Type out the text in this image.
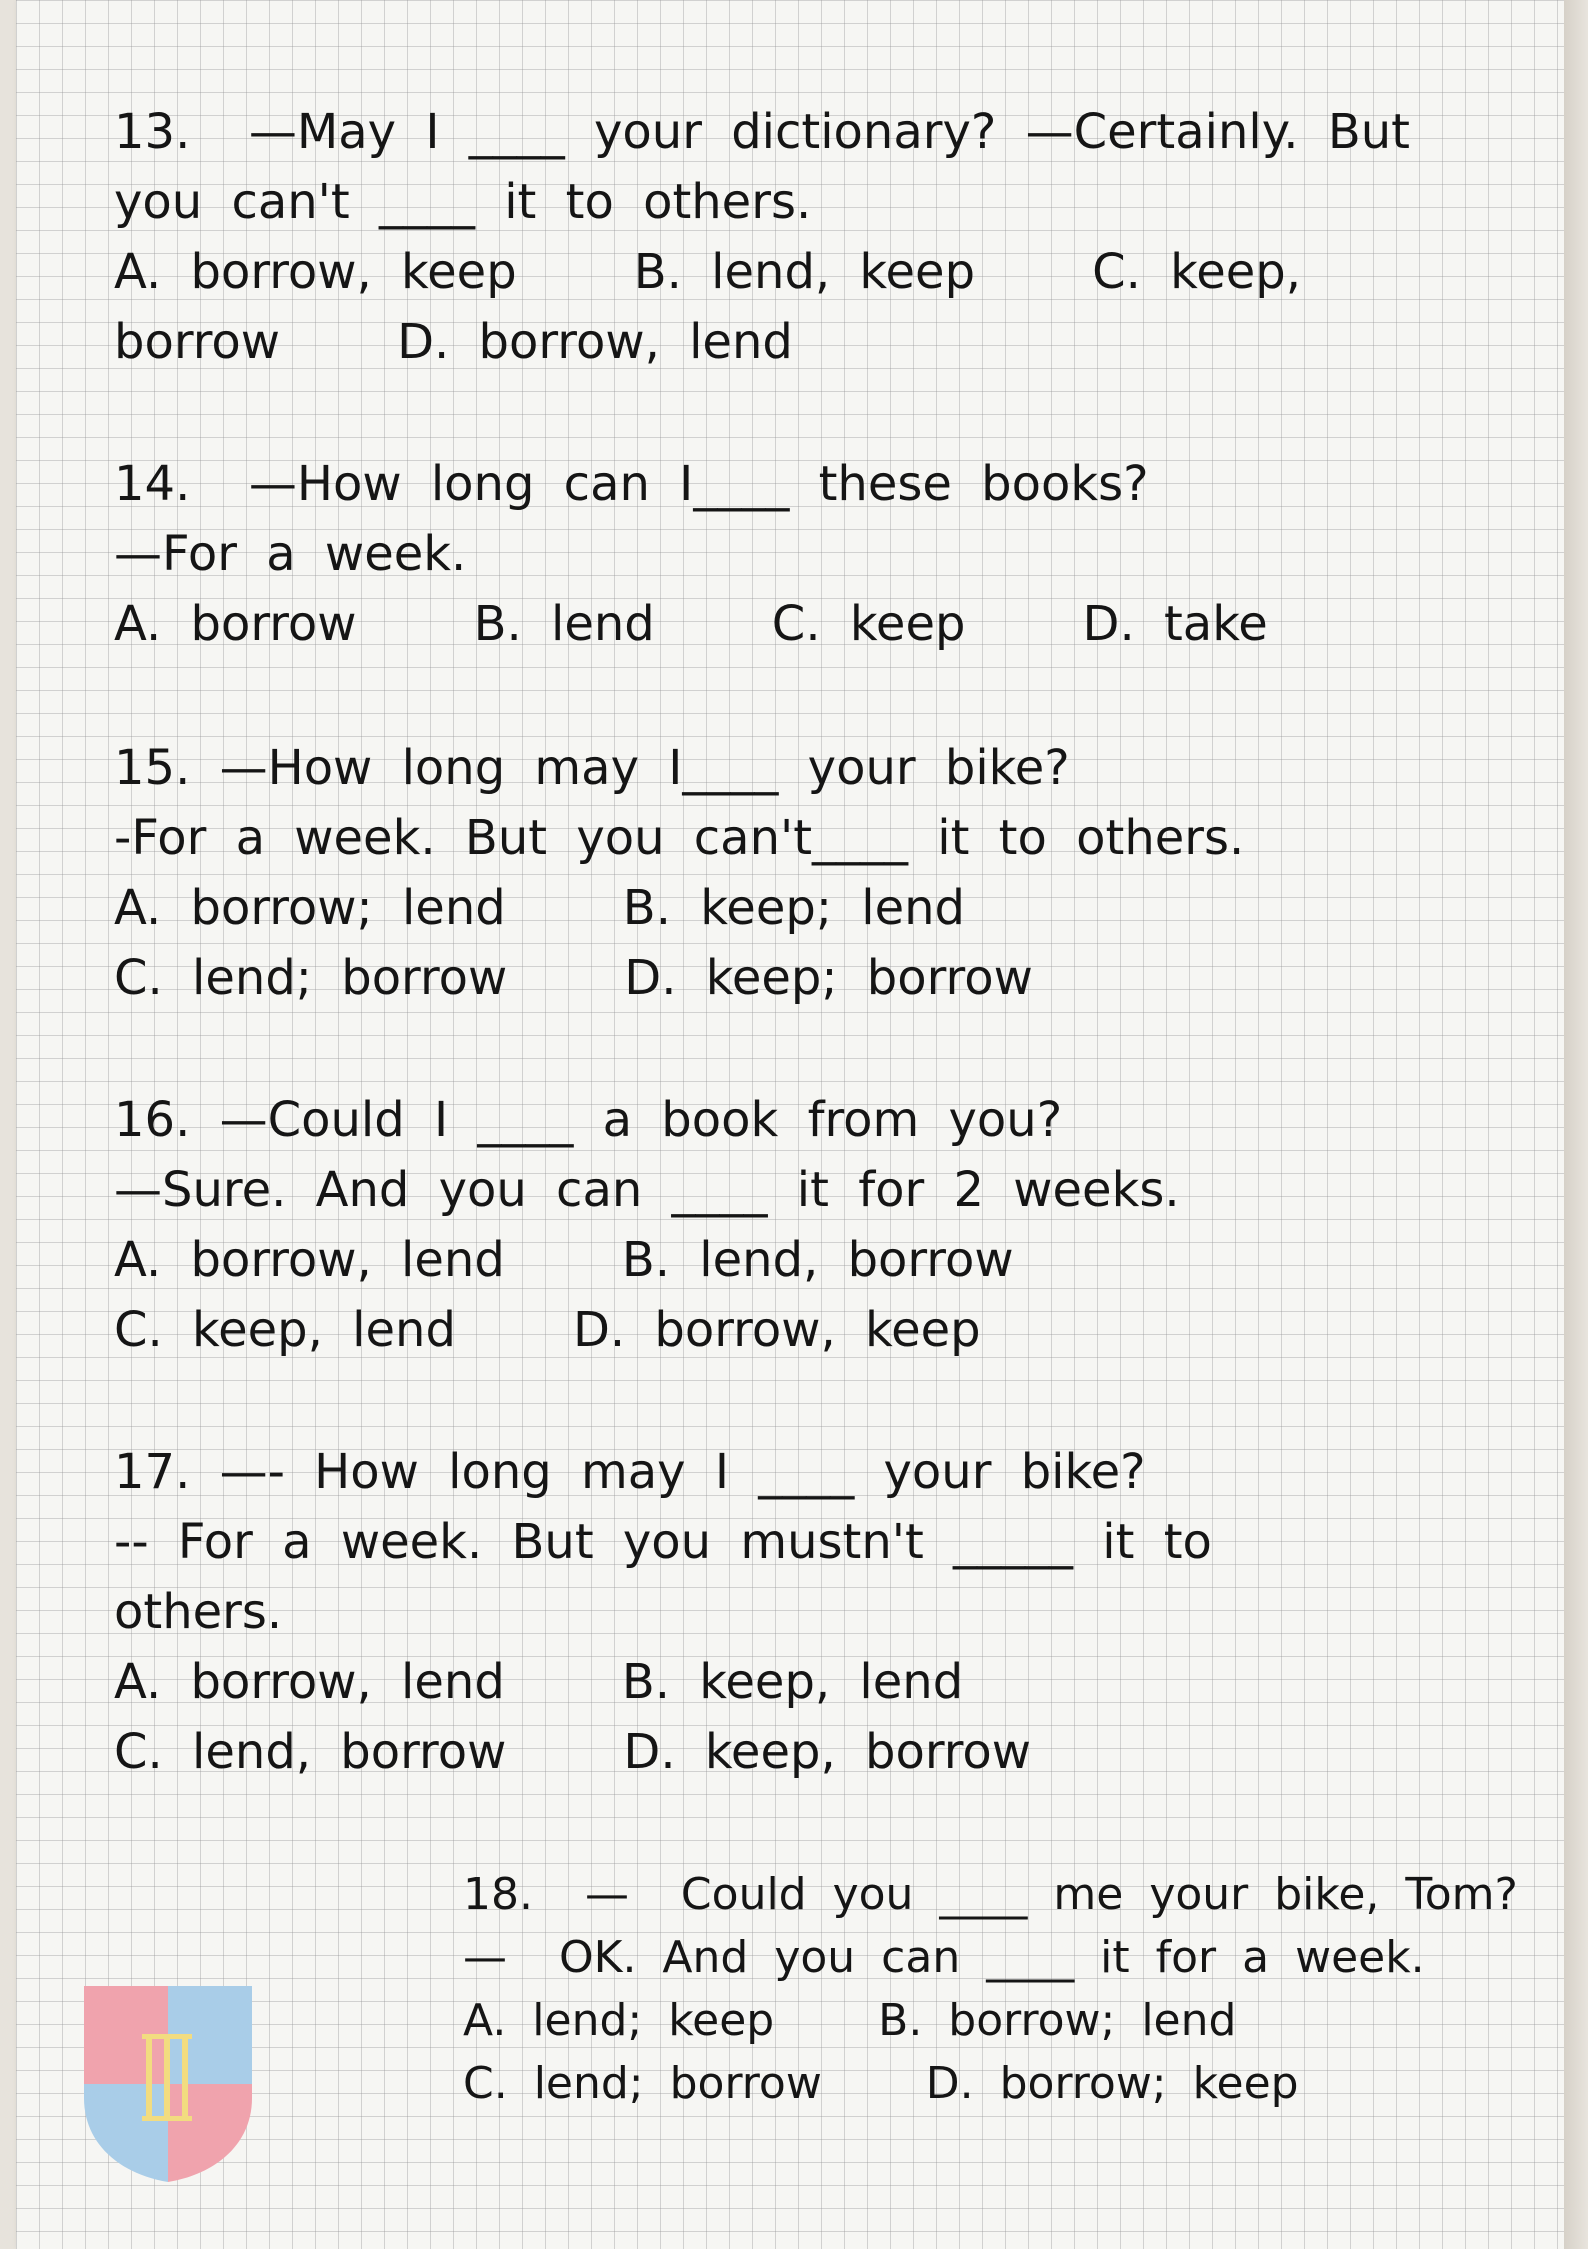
13.  —May I ____ your dictionary? —Certainly. But
you can't ____ it to others.
A. borrow, keep    B. lend, keep    C. keep,
borrow    D. borrow, lend
14.  —How long can I____ these books?
—For a week.
A. borrow    B. lend    C. keep    D. take
15. —How long may I____ your bike?
-For a week. But you can't____ it to others.
A. borrow; lend    B. keep; lend
C. lend; borrow    D. keep; borrow
16. —Could I ____ a book from you?
—Sure. And you can ____ it for 2 weeks.
A. borrow, lend    B. lend, borrow
C. keep, lend    D. borrow, keep
17. —- How long may I ____ your bike?
-- For a week. But you mustn't _____ it to
others.
A. borrow, lend    B. keep, lend
C. lend, borrow    D. keep, borrow
18.  —  Could you ____ me your bike, Tom?
—  OK. And you can ____ it for a week.
A. lend; keep    B. borrow; lend
C. lend; borrow    D. borrow; keep
